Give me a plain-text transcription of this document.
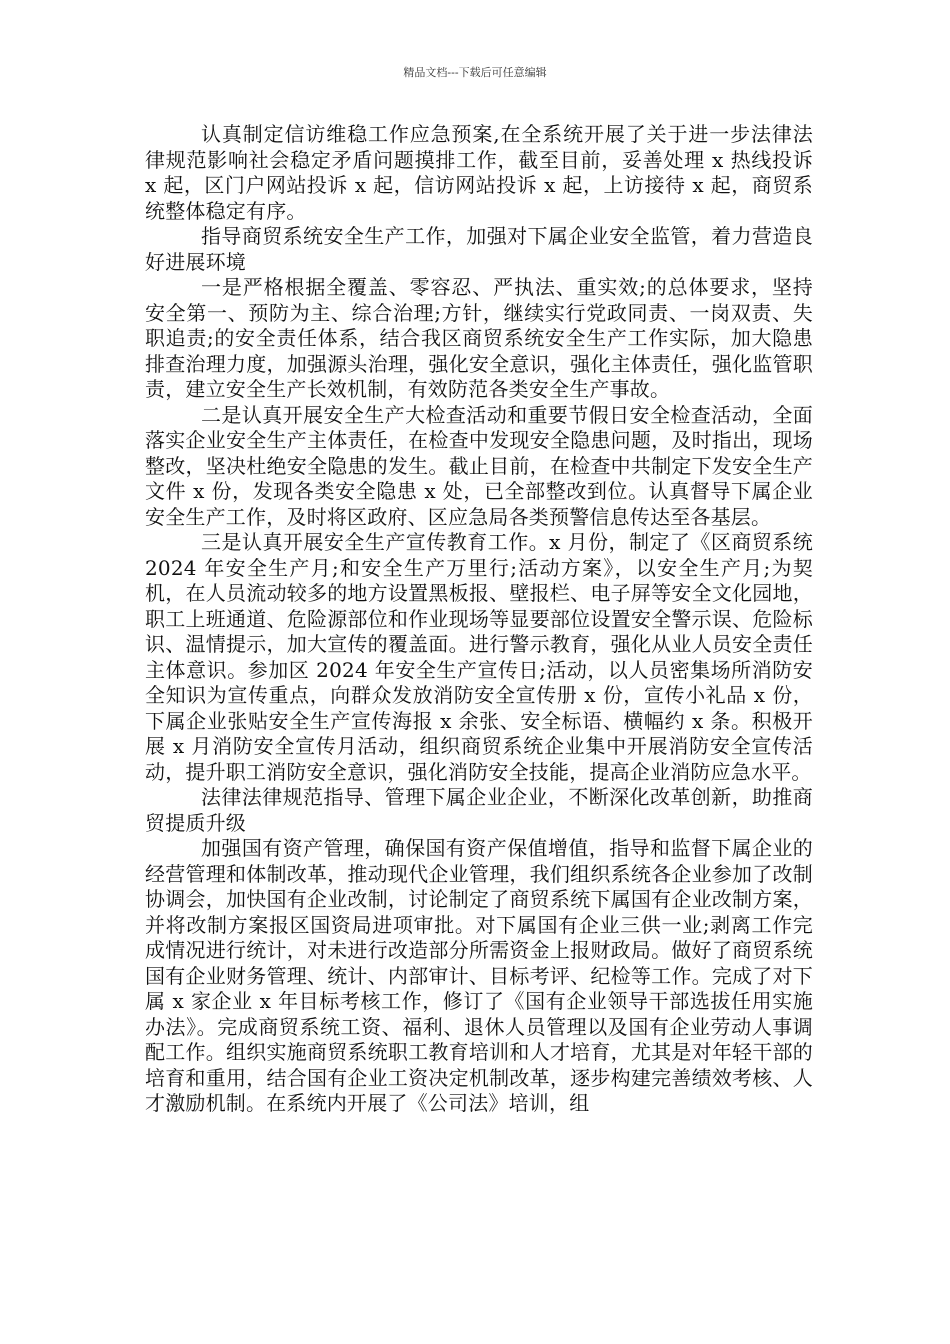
精品文档---下载后可任意编辑

认真制定信访维稳工作应急预案,在全系统开展了关于进一步法律法律规范影响社会稳定矛盾问题摸排工作，截至目前，妥善处理 x 热线投诉 x 起，区门户网站投诉 x 起，信访网站投诉 x 起，上访接待 x 起，商贸系统整体稳定有序。

指导商贸系统安全生产工作，加强对下属企业安全监管，着力营造良好进展环境

一是严格根据全覆盖、零容忍、严执法、重实效;的总体要求，坚持安全第一、预防为主、综合治理;方针，继续实行党政同责、一岗双责、失职追责;的安全责任体系，结合我区商贸系统安全生产工作实际，加大隐患排查治理力度，加强源头治理，强化安全意识，强化主体责任，强化监管职责，建立安全生产长效机制，有效防范各类安全生产事故。

二是认真开展安全生产大检查活动和重要节假日安全检查活动，全面落实企业安全生产主体责任，在检查中发现安全隐患问题，及时指出，现场整改，坚决杜绝安全隐患的发生。截止目前，在检查中共制定下发安全生产文件 x 份，发现各类安全隐患 x 处，已全部整改到位。认真督导下属企业安全生产工作，及时将区政府、区应急局各类预警信息传达至各基层。

三是认真开展安全生产宣传教育工作。x 月份，制定了《区商贸系统 2024 年安全生产月;和安全生产万里行;活动方案》，以安全生产月;为契机，在人员流动较多的地方设置黑板报、壁报栏、电子屏等安全文化园地，职工上班通道、危险源部位和作业现场等显要部位设置安全警示误、危险标识、温情提示，加大宣传的覆盖面。进行警示教育，强化从业人员安全责任主体意识。参加区 2024 年安全生产宣传日;活动，以人员密集场所消防安全知识为宣传重点，向群众发放消防安全宣传册 x 份，宣传小礼品 x 份，下属企业张贴安全生产宣传海报 x 余张、安全标语、横幅约 x 条。积极开展 x 月消防安全宣传月活动，组织商贸系统企业集中开展消防安全宣传活动，提升职工消防安全意识，强化消防安全技能，提高企业消防应急水平。

法律法律规范指导、管理下属企业企业，不断深化改革创新，助推商贸提质升级

加强国有资产管理，确保国有资产保值增值，指导和监督下属企业的经营管理和体制改革，推动现代企业管理，我们组织系统各企业参加了改制协调会，加快国有企业改制，讨论制定了商贸系统下属国有企业改制方案，并将改制方案报区国资局进项审批。对下属国有企业三供一业;剥离工作完成情况进行统计，对未进行改造部分所需资金上报财政局。做好了商贸系统国有企业财务管理、统计、内部审计、目标考评、纪检等工作。完成了对下属 x 家企业 x 年目标考核工作，修订了《国有企业领导干部选拔任用实施办法》。完成商贸系统工资、福利、退休人员管理以及国有企业劳动人事调配工作。组织实施商贸系统职工教育培训和人才培育，尤其是对年轻干部的培育和重用，结合国有企业工资决定机制改革，逐步构建完善绩效考核、人才激励机制。在系统内开展了《公司法》培训，组
